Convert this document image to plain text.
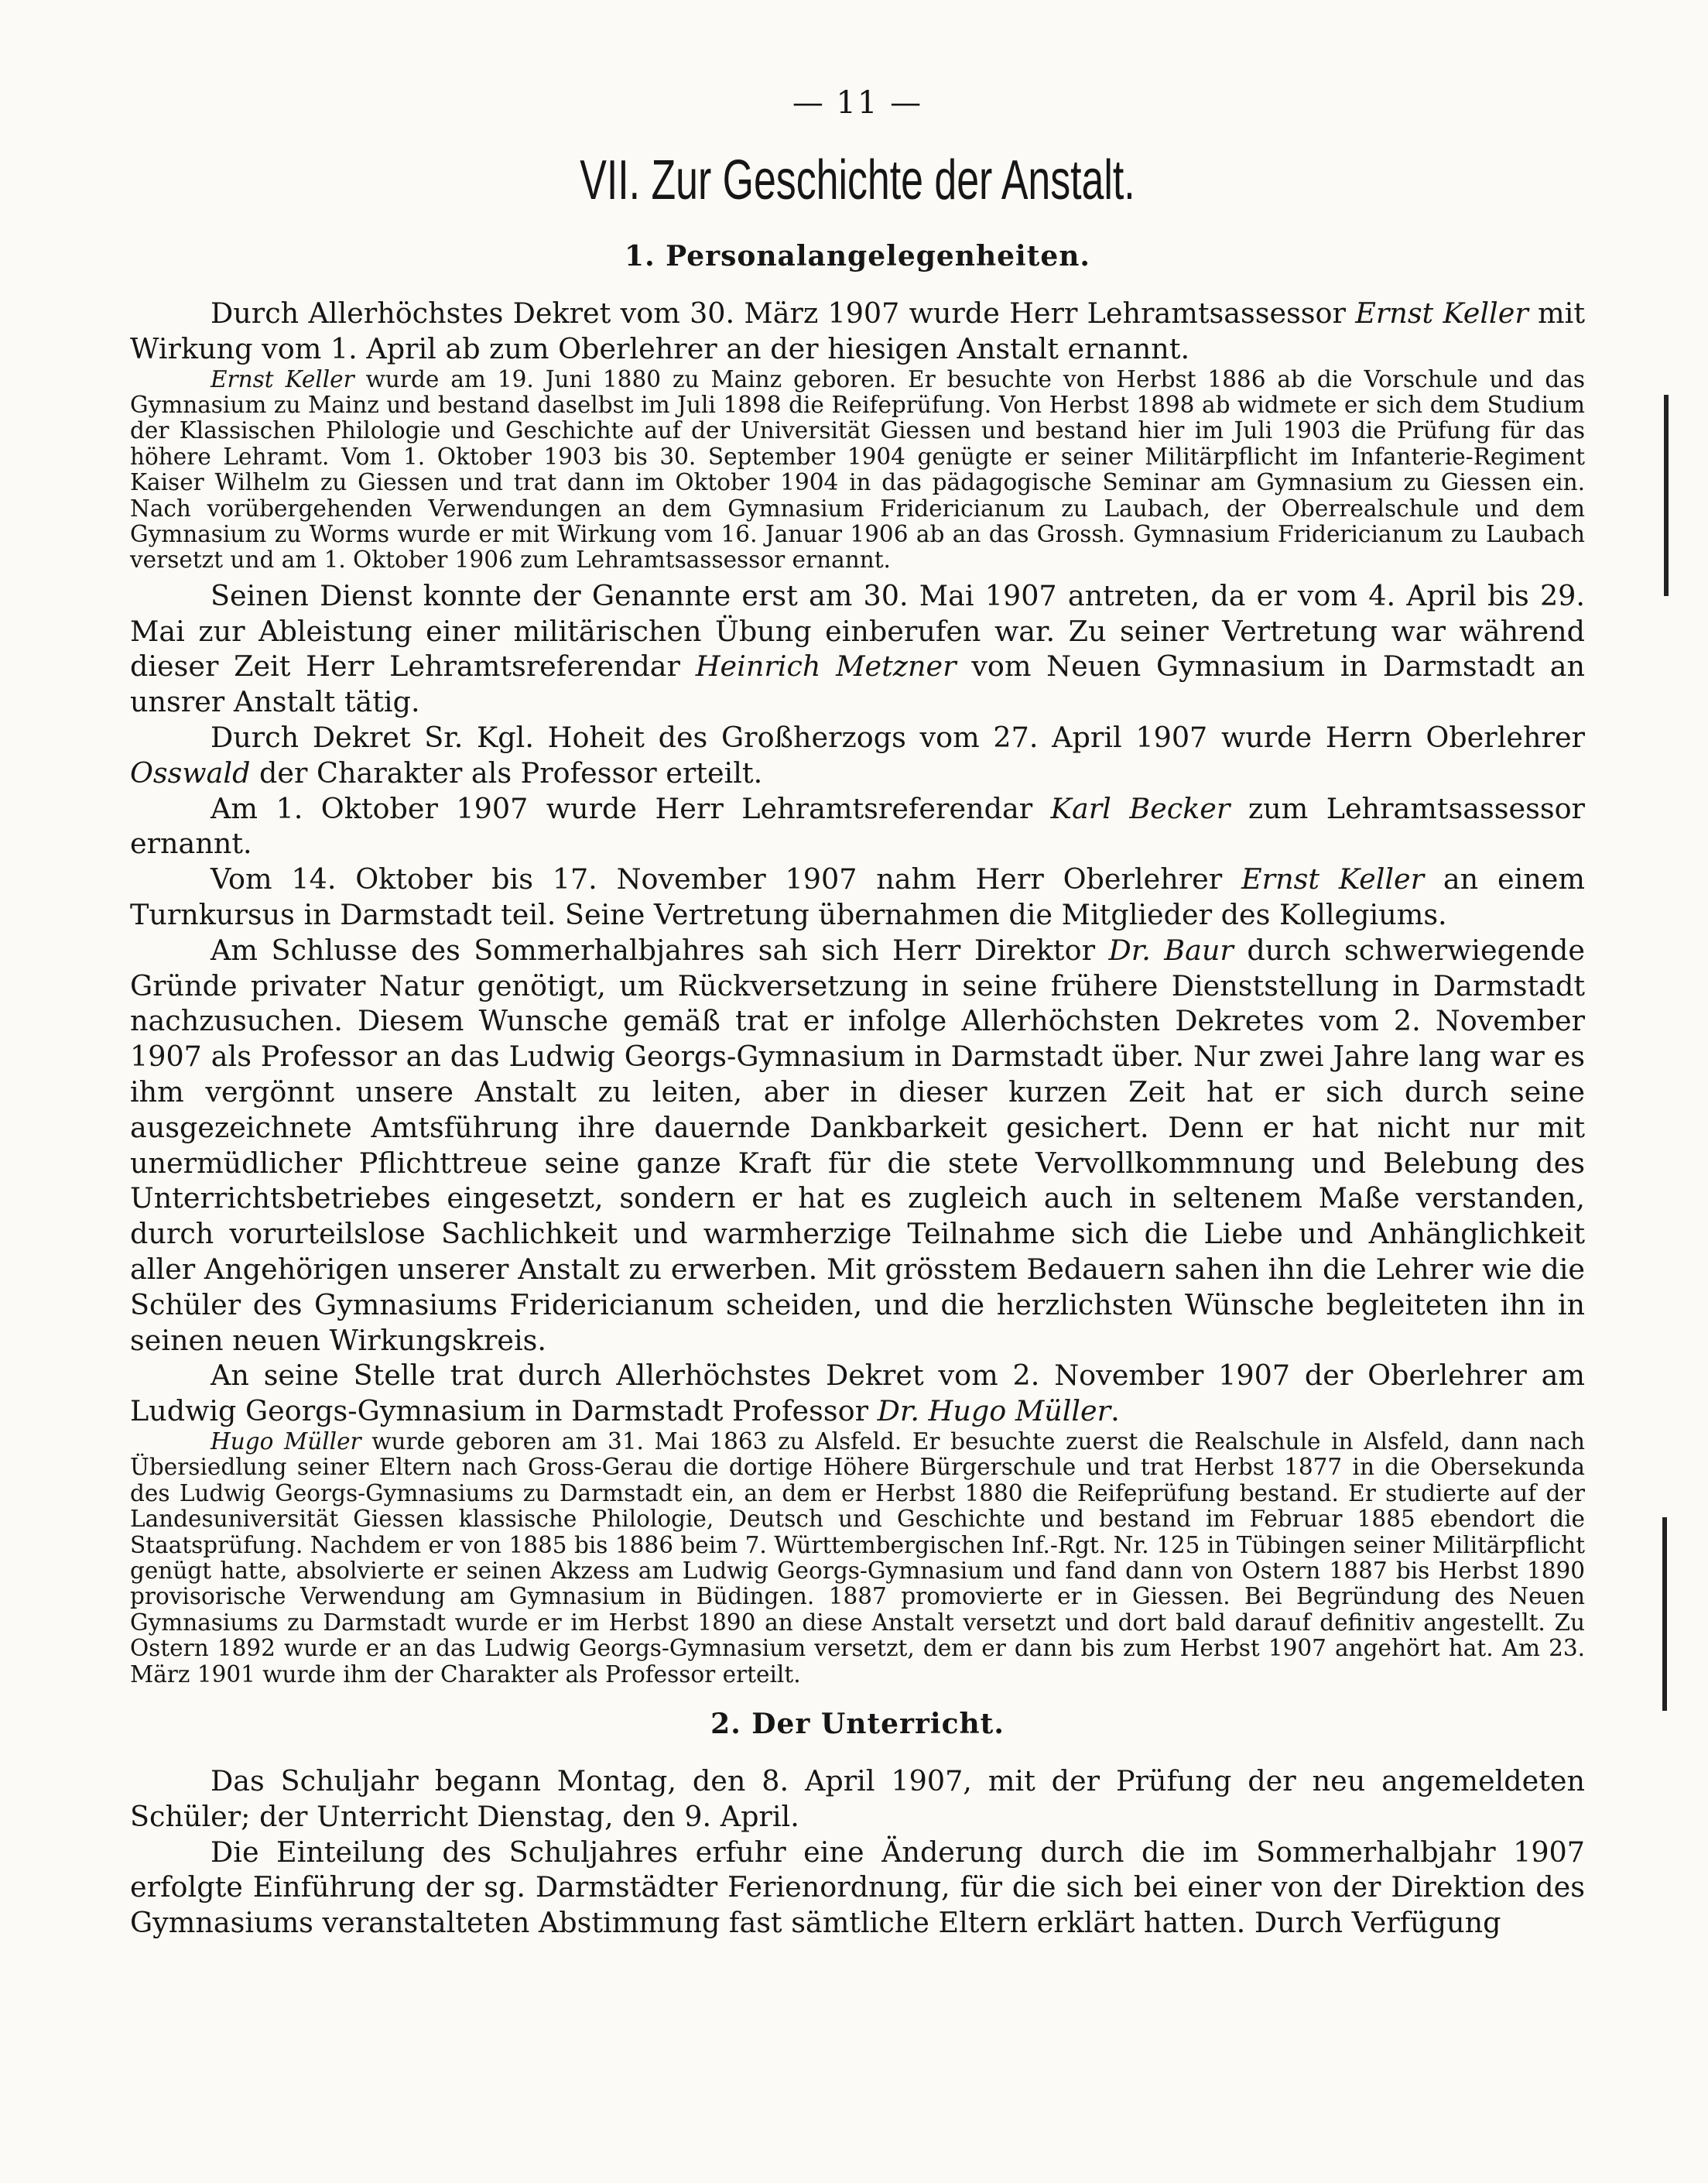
— 11 —
VII. Zur Geschichte der Anstalt.
1. Personalangelegenheiten.

Durch Allerhöchstes Dekret vom 30. März 1907 wurde Herr Lehramtsassessor Ernst Keller mit Wirkung vom 1. April ab zum Oberlehrer an der hiesigen Anstalt ernannt.

Ernst Keller wurde am 19. Juni 1880 zu Mainz geboren. Er besuchte von Herbst 1886 ab die Vorschule und das Gymnasium zu Mainz und bestand daselbst im Juli 1898 die Reifeprüfung. Von Herbst 1898 ab widmete er sich dem Studium der Klassischen Philologie und Geschichte auf der Universität Giessen und bestand hier im Juli 1903 die Prüfung für das höhere Lehramt. Vom 1. Oktober 1903 bis 30. September 1904 genügte er seiner Militärpflicht im Infanterie-Regiment Kaiser Wilhelm zu Giessen und trat dann im Oktober 1904 in das pädagogische Seminar am Gymnasium zu Giessen ein. Nach vorübergehenden Verwendungen an dem Gymnasium Fridericianum zu Laubach, der Oberrealschule und dem Gymnasium zu Worms wurde er mit Wirkung vom 16. Januar 1906 ab an das Grossh. Gymnasium Fridericianum zu Laubach versetzt und am 1. Oktober 1906 zum Lehramtsassessor ernannt.

Seinen Dienst konnte der Genannte erst am 30. Mai 1907 antreten, da er vom 4. April bis 29. Mai zur Ableistung einer militärischen Übung einberufen war. Zu seiner Vertretung war während dieser Zeit Herr Lehramtsreferendar Heinrich Metzner vom Neuen Gymnasium in Darmstadt an unsrer Anstalt tätig.

Durch Dekret Sr. Kgl. Hoheit des Großherzogs vom 27. April 1907 wurde Herrn Oberlehrer Osswald der Charakter als Professor erteilt.

Am 1. Oktober 1907 wurde Herr Lehramtsreferendar Karl Becker zum Lehramtsassessor ernannt.

Vom 14. Oktober bis 17. November 1907 nahm Herr Oberlehrer Ernst Keller an einem Turnkursus in Darmstadt teil. Seine Vertretung übernahmen die Mitglieder des Kollegiums.

Am Schlusse des Sommerhalbjahres sah sich Herr Direktor Dr. Baur durch schwerwiegende Gründe privater Natur genötigt, um Rückversetzung in seine frühere Dienststellung in Darmstadt nachzusuchen. Diesem Wunsche gemäß trat er infolge Allerhöchsten Dekretes vom 2. November 1907 als Professor an das Ludwig Georgs-Gymnasium in Darmstadt über. Nur zwei Jahre lang war es ihm vergönnt unsere Anstalt zu leiten, aber in dieser kurzen Zeit hat er sich durch seine ausgezeichnete Amtsführung ihre dauernde Dankbarkeit gesichert. Denn er hat nicht nur mit unermüdlicher Pflichttreue seine ganze Kraft für die stete Vervollkommnung und Belebung des Unterrichtsbetriebes eingesetzt, sondern er hat es zugleich auch in seltenem Maße verstanden, durch vorurteilslose Sachlichkeit und warmherzige Teilnahme sich die Liebe und Anhänglichkeit aller Angehörigen unserer Anstalt zu erwerben. Mit grösstem Bedauern sahen ihn die Lehrer wie die Schüler des Gymnasiums Fridericianum scheiden, und die herzlichsten Wünsche begleiteten ihn in seinen neuen Wirkungskreis.

An seine Stelle trat durch Allerhöchstes Dekret vom 2. November 1907 der Oberlehrer am Ludwig Georgs-Gymnasium in Darmstadt Professor Dr. Hugo Müller.

Hugo Müller wurde geboren am 31. Mai 1863 zu Alsfeld. Er besuchte zuerst die Realschule in Alsfeld, dann nach Übersiedlung seiner Eltern nach Gross-Gerau die dortige Höhere Bürgerschule und trat Herbst 1877 in die Obersekunda des Ludwig Georgs-Gymnasiums zu Darmstadt ein, an dem er Herbst 1880 die Reifeprüfung bestand. Er studierte auf der Landesuniversität Giessen klassische Philologie, Deutsch und Geschichte und bestand im Februar 1885 ebendort die Staatsprüfung. Nachdem er von 1885 bis 1886 beim 7. Württembergischen Inf.-Rgt. Nr. 125 in Tübingen seiner Militärpflicht genügt hatte, absolvierte er seinen Akzess am Ludwig Georgs-Gymnasium und fand dann von Ostern 1887 bis Herbst 1890 provisorische Verwendung am Gymnasium in Büdingen. 1887 promovierte er in Giessen. Bei Begründung des Neuen Gymnasiums zu Darmstadt wurde er im Herbst 1890 an diese Anstalt versetzt und dort bald darauf definitiv angestellt. Zu Ostern 1892 wurde er an das Ludwig Georgs-Gymnasium versetzt, dem er dann bis zum Herbst 1907 angehört hat. Am 23. März 1901 wurde ihm der Charakter als Professor erteilt.

2. Der Unterricht.

Das Schuljahr begann Montag, den 8. April 1907, mit der Prüfung der neu angemeldeten Schüler; der Unterricht Dienstag, den 9. April.

Die Einteilung des Schuljahres erfuhr eine Änderung durch die im Sommerhalbjahr 1907 erfolgte Einführung der sg. Darmstädter Ferienordnung, für die sich bei einer von der Direktion des Gymnasiums veranstalteten Abstimmung fast sämtliche Eltern erklärt hatten. Durch Verfügung
